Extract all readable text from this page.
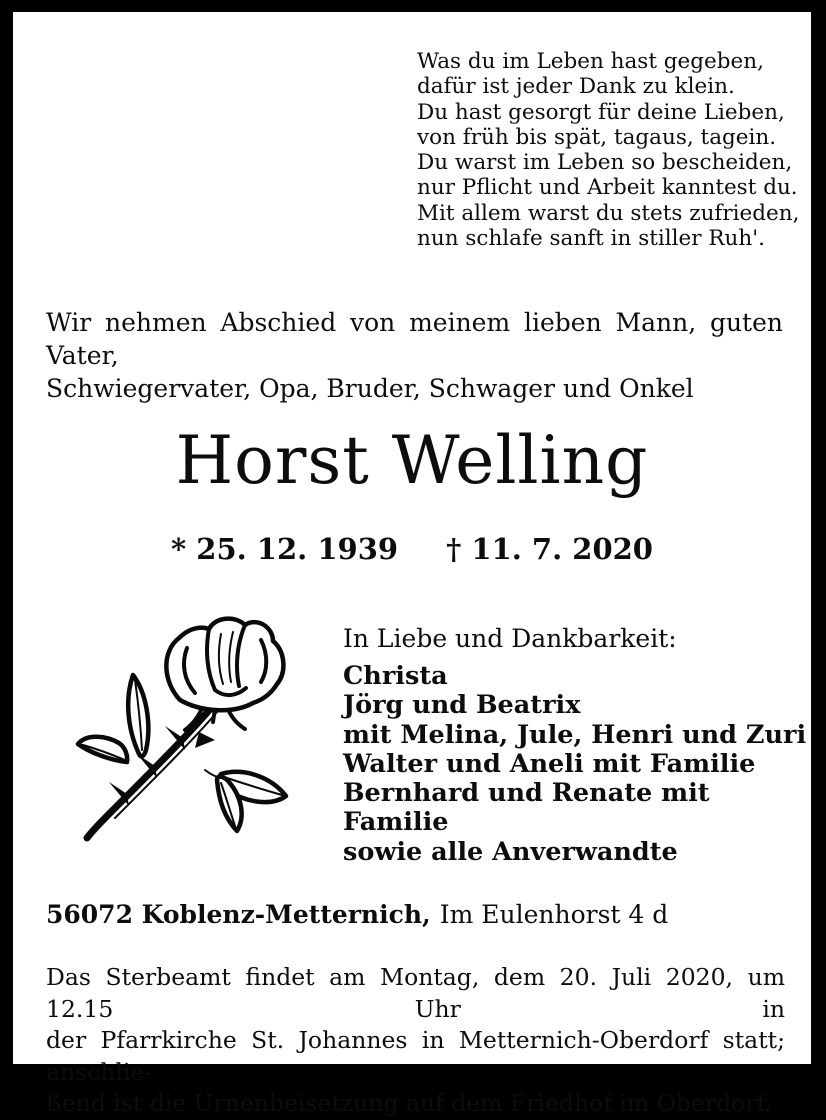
Was du im Leben hast gegeben,
dafür ist jeder Dank zu klein.
Du hast gesorgt für deine Lieben,
von früh bis spät, tagaus, tagein.
Du warst im Leben so bescheiden,
nur Pflicht und Arbeit kanntest du.
Mit allem warst du stets zufrieden,
nun schlafe sanft in stiller Ruh'.
Wir nehmen Abschied von meinem lieben Mann, guten Vater,
Schwiegervater, Opa, Bruder, Schwager und Onkel
Horst Welling
* 25. 12. 1939 † 11. 7. 2020
In Liebe und Dankbarkeit:
Christa
Jörg und Beatrix
mit Melina, Jule, Henri und Zuri
Walter und Aneli mit Familie
Bernhard und Renate mit Familie
sowie alle Anverwandte
56072 Koblenz-Metternich, Im Eulenhorst 4 d
Das Sterbeamt findet am Montag, dem 20. Juli 2020, um 12.15 Uhr in
der Pfarrkirche St. Johannes in Metternich-Oberdorf statt; anschlie-
ßend ist die Urnenbeisetzung auf dem Friedhof im Oberdorf.
